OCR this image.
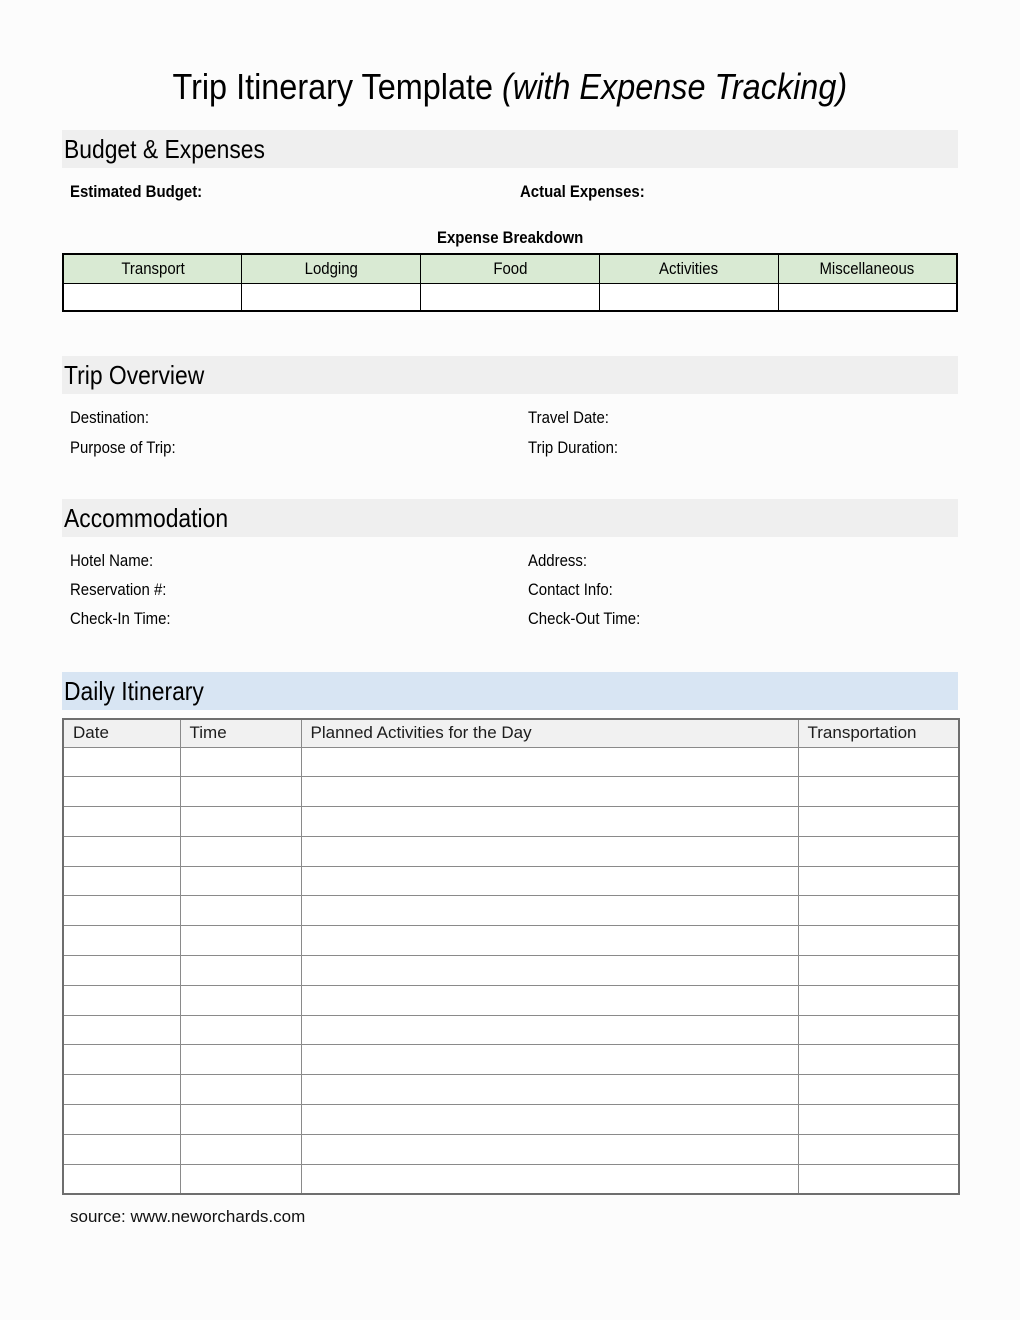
Trip Itinerary Template (with Expense Tracking)
Budget & Expenses
Estimated Budget:	Actual Expenses:
Expense Breakdown
Transport	Lodging	Food	Activities	Miscellaneous

Trip Overview
Destination:	Travel Date:
Purpose of Trip:	Trip Duration:
Accommodation
Hotel Name:	Address:
Reservation #:	Contact Info:
Check-In Time:	Check-Out Time:
Daily Itinerary
Date	Time	Planned Activities for the Day	Transportation

source: www.neworchards.com
